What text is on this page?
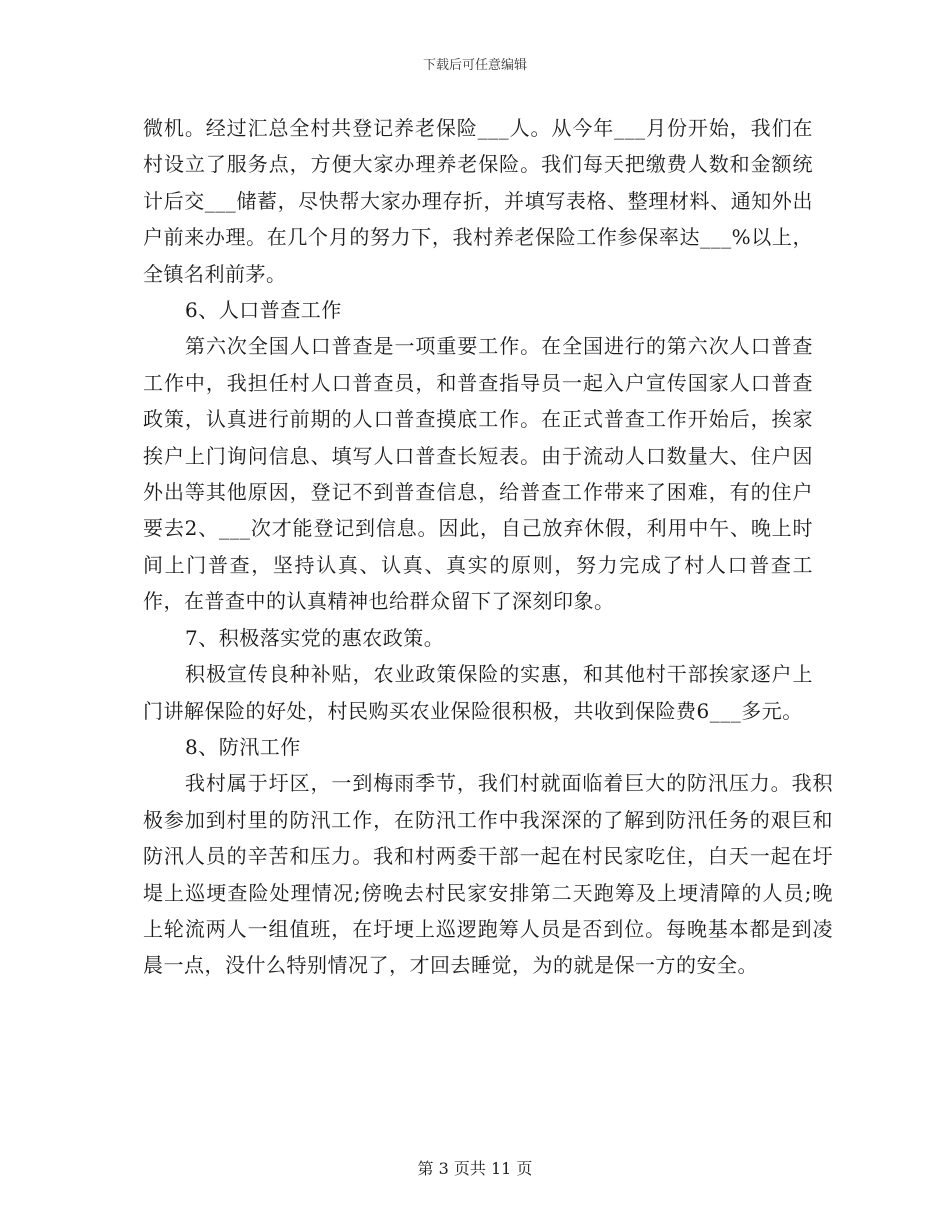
下载后可任意编辑

微机。经过汇总全村共登记养老保险___人。从今年___月份开始，我们在村设立了服务点，方便大家办理养老保险。我们每天把缴费人数和金额统计后交___储蓄，尽快帮大家办理存折，并填写表格、整理材料、通知外出户前来办理。在几个月的努力下，我村养老保险工作参保率达___%以上，全镇名利前茅。

6、人口普查工作

第六次全国人口普查是一项重要工作。在全国进行的第六次人口普查工作中，我担任村人口普查员，和普查指导员一起入户宣传国家人口普查政策，认真进行前期的人口普查摸底工作。在正式普查工作开始后，挨家挨户上门询问信息、填写人口普查长短表。由于流动人口数量大、住户因外出等其他原因，登记不到普查信息，给普查工作带来了困难，有的住户要去2、___次才能登记到信息。因此，自己放弃休假，利用中午、晚上时间上门普查，坚持认真、认真、真实的原则，努力完成了村人口普查工作，在普查中的认真精神也给群众留下了深刻印象。

7、积极落实党的惠农政策。

积极宣传良种补贴，农业政策保险的实惠，和其他村干部挨家逐户上门讲解保险的好处，村民购买农业保险很积极，共收到保险费6___多元。

8、防汛工作

我村属于圩区，一到梅雨季节，我们村就面临着巨大的防汛压力。我积极参加到村里的防汛工作，在防汛工作中我深深的了解到防汛任务的艰巨和防汛人员的辛苦和压力。我和村两委干部一起在村民家吃住，白天一起在圩堤上巡埂查险处理情况;傍晚去村民家安排第二天跑筹及上埂清障的人员;晚上轮流两人一组值班，在圩埂上巡逻跑筹人员是否到位。每晚基本都是到凌晨一点，没什么特别情况了，才回去睡觉，为的就是保一方的安全。

第 3 页共 11 页
